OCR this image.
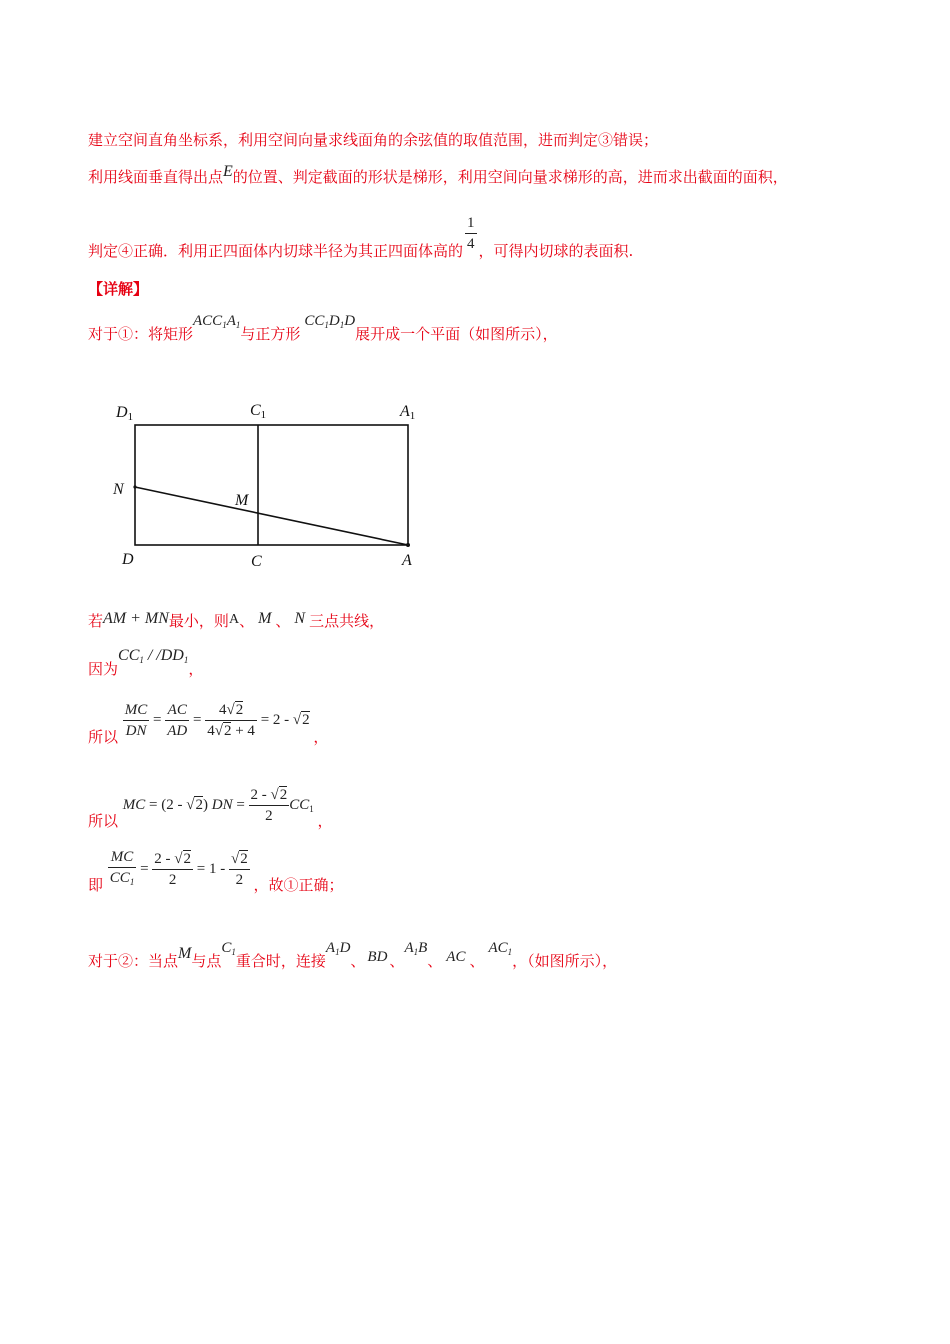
建立空间直角坐标系，利用空间向量求线面角的余弦值的取值范围，进而判定③错误；
利用线面垂直得出点E的位置、判定截面的形状是梯形，利用空间向量求梯形的高，进而求出截面的面积，
判定④正确．利用正四面体内切球半径为其正四面体高的 $\frac{1}{4}$ ，可得内切球的表面积.
【详解】
对于①：将矩形$ACC_1A_1$与正方形$CC_1D_1D$展开成一个平面（如图所示），
D1	C1	A1
N
M
D	C	A
若AM + MN最小，则A、 M 、 N 三点共线，
因为$CC_1 / /DD_1$，
所以 $\frac{MC}{DN} = \frac{AC}{AD} = \frac{4√2}{4√2 + 4} = 2 - √2$ ，
所以 MC = (2 - √2) DN = $\frac{2 - √2}{2} CC_1$ ，
即 $\frac{MC}{CC_1} = \frac{2 - √2}{2} = 1 - \frac{√2}{2}$ ，故①正确；
对于②：当点M与点$C_1$重合时，连接$A_1D$、 BD 、$A_1B$、 AC 、$AC_1$，（如图所示），
